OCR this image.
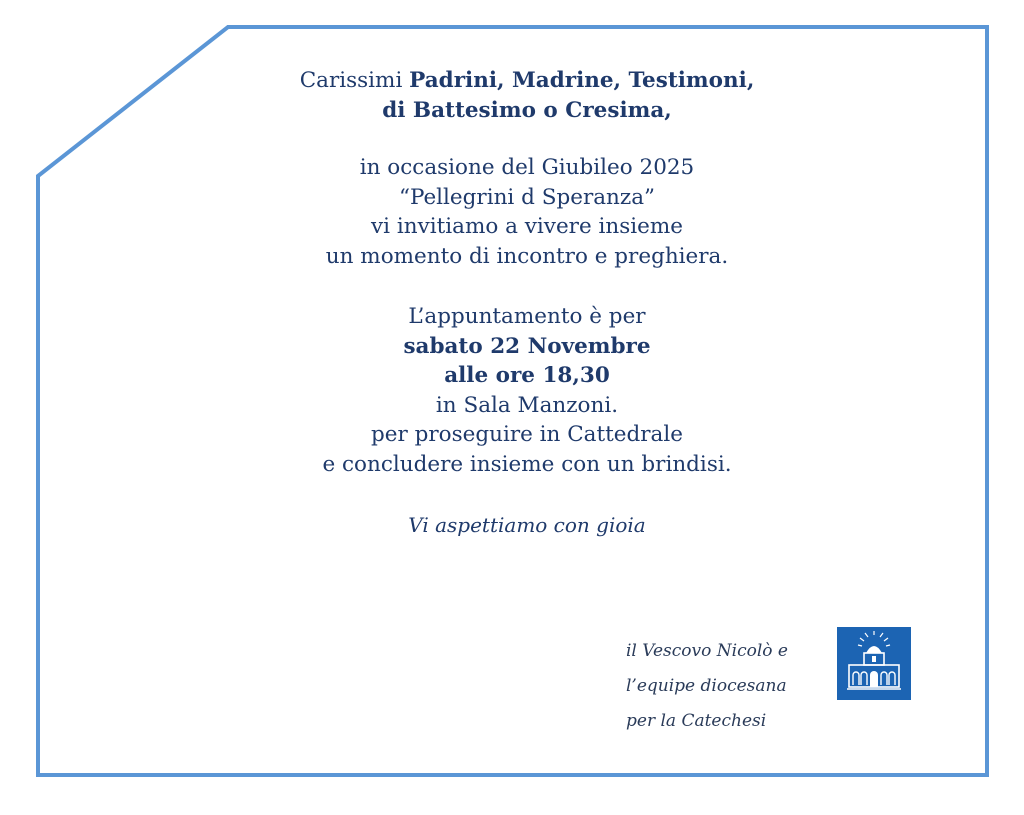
Carissimi Padrini, Madrine, Testimoni,

di Battesimo o Cresima,

in occasione del Giubileo 2025

“Pellegrini d Speranza”

vi invitiamo a vivere insieme

un momento di incontro e preghiera.

L’appuntamento è per

sabato 22 Novembre

alle ore 18,30

in Sala Manzoni.

per proseguire in Cattedrale

e concludere insieme con un brindisi.

Vi aspettiamo con gioia

il Vescovo Nicolò e
l’equipe diocesana
per la Catechesi
